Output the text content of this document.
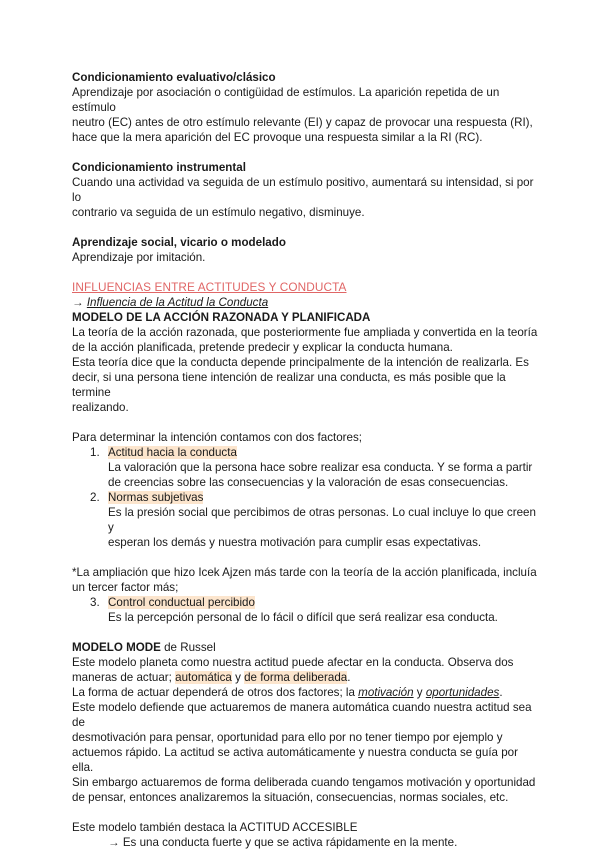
Condicionamiento evaluativo/clásico

Aprendizaje por asociación o contigüidad de estímulos. La aparición repetida de un estímulo

neutro (EC) antes de otro estímulo relevante (EI) y capaz de provocar una respuesta (RI),

hace que la mera aparición del EC provoque una respuesta similar a la RI (RC).

Condicionamiento instrumental

Cuando una actividad va seguida de un estímulo positivo, aumentará su intensidad, si por lo

contrario va seguida de un estímulo negativo, disminuye.

Aprendizaje social, vicario o modelado

Aprendizaje por imitación.

INFLUENCIAS ENTRE ACTITUDES Y CONDUCTA

→ Influencia de la Actitud la Conducta

MODELO DE LA ACCIÓN RAZONADA Y PLANIFICADA

La teoría de la acción razonada, que posteriormente fue ampliada y convertida en la teoría

de la acción planificada, pretende predecir y explicar la conducta humana.

Esta teoría dice que la conducta depende principalmente de la intención de realizarla. Es

decir, si una persona tiene intención de realizar una conducta, es más posible que la termine

realizando.

Para determinar la intención contamos con dos factores;

1. Actitud hacia la conducta

La valoración que la persona hace sobre realizar esa conducta. Y se forma a partir

de creencias sobre las consecuencias y la valoración de esas consecuencias.

2. Normas subjetivas

Es la presión social que percibimos de otras personas. Lo cual incluye lo que creen y

esperan los demás y nuestra motivación para cumplir esas expectativas.

*La ampliación que hizo Icek Ajzen más tarde con la teoría de la acción planificada, incluía

un tercer factor más;

3. Control conductual percibido

Es la percepción personal de lo fácil o difícil que será realizar esa conducta.

MODELO MODE de Russel

Este modelo planeta como nuestra actitud puede afectar en la conducta. Observa dos

maneras de actuar; automática y de forma deliberada.

La forma de actuar dependerá de otros dos factores; la motivación y oportunidades.

Este modelo defiende que actuaremos de manera automática cuando nuestra actitud sea de

desmotivación para pensar, oportunidad para ello por no tener tiempo por ejemplo y

actuemos rápido. La actitud se activa automáticamente y nuestra conducta se guía por ella.

Sin embargo actuaremos de forma deliberada cuando tengamos motivación y oportunidad

de pensar, entonces analizaremos la situación, consecuencias, normas sociales, etc.

Este modelo también destaca la ACTITUD ACCESIBLE

→ Es una conducta fuerte y que se activa rápidamente en la mente.
